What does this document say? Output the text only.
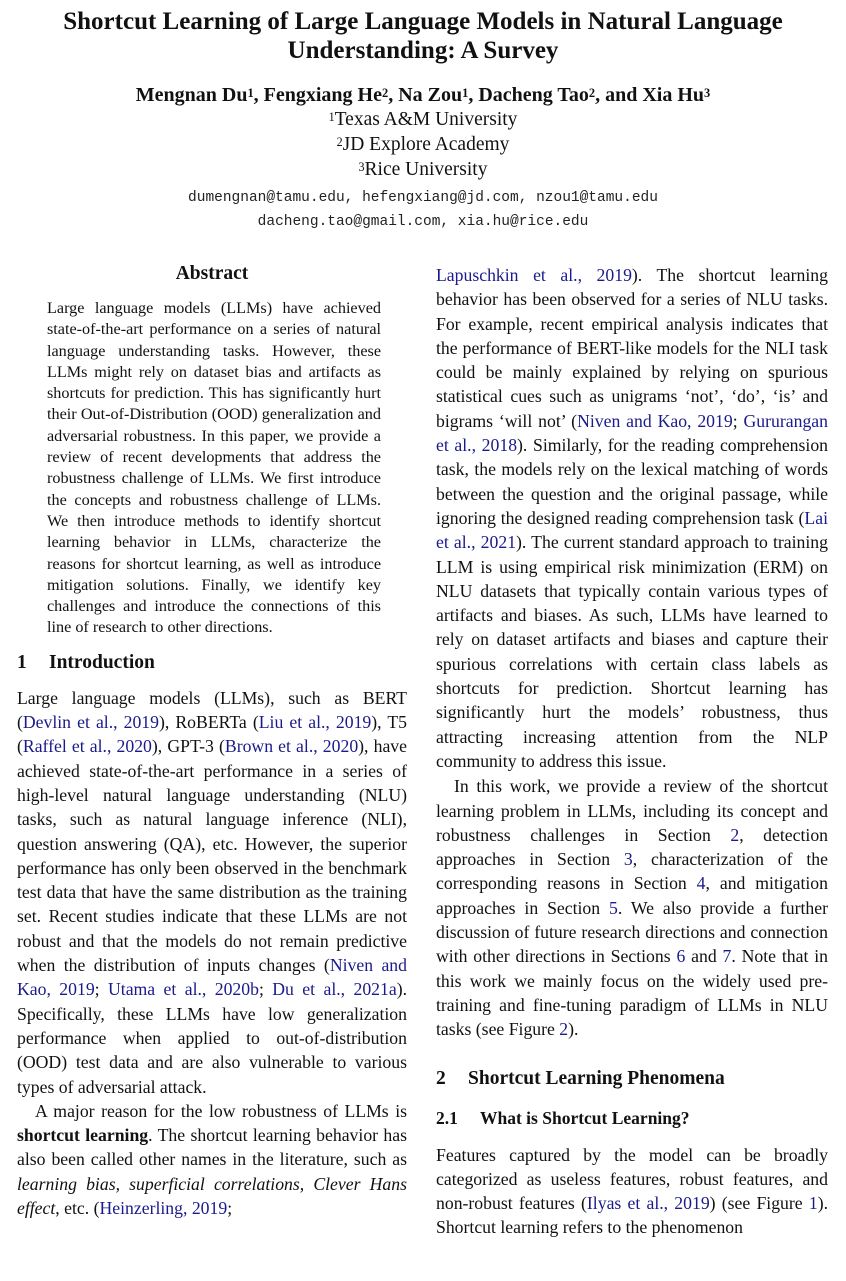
Shortcut Learning of Large Language Models in Natural Language
Understanding: A Survey
Mengnan Du$^1$, Fengxiang He$^2$, Na Zou$^1$, Dacheng Tao$^2$, and Xia Hu$^3$
$^1$Texas A&M University
$^2$JD Explore Academy
$^3$Rice University
dumengnan@tamu.edu, hefengxiang@jd.com, nzou1@tamu.edu
dacheng.tao@gmail.com, xia.hu@rice.edu
Abstract

Large language models (LLMs) have achieved state-of-the-art performance on a series of natural language understanding tasks. However, these LLMs might rely on dataset bias and artifacts as shortcuts for prediction. This has significantly hurt their Out-of-Distribution (OOD) generalization and adversarial robustness. In this paper, we provide a review of recent developments that address the robustness challenge of LLMs. We first introduce the concepts and robustness challenge of LLMs. We then introduce methods to identify shortcut learning behavior in LLMs, characterize the reasons for shortcut learning, as well as introduce mitigation solutions. Finally, we identify key challenges and introduce the connections of this line of research to other directions.

1 Introduction

Large language models (LLMs), such as BERT (Devlin et al., 2019), RoBERTa (Liu et al., 2019), T5 (Raffel et al., 2020), GPT-3 (Brown et al., 2020), have achieved state-of-the-art performance in a series of high-level natural language understanding (NLU) tasks, such as natural language inference (NLI), question answering (QA), etc. However, the superior performance has only been observed in the benchmark test data that have the same distribution as the training set. Recent studies indicate that these LLMs are not robust and that the models do not remain predictive when the distribution of inputs changes (Niven and Kao, 2019; Utama et al., 2020b; Du et al., 2021a). Specifically, these LLMs have low generalization performance when applied to out-of-distribution (OOD) test data and are also vulnerable to various types of adversarial attack.

A major reason for the low robustness of LLMs is shortcut learning. The shortcut learning behavior has also been called other names in the literature, such as learning bias, superficial correlations, Clever Hans effect, etc. (Heinzerling, 2019;

Lapuschkin et al., 2019). The shortcut learning behavior has been observed for a series of NLU tasks. For example, recent empirical analysis indicates that the performance of BERT-like models for the NLI task could be mainly explained by relying on spurious statistical cues such as unigrams ‘not’, ‘do’, ‘is’ and bigrams ‘will not’ (Niven and Kao, 2019; Gururangan et al., 2018). Similarly, for the reading comprehension task, the models rely on the lexical matching of words between the question and the original passage, while ignoring the designed reading comprehension task (Lai et al., 2021). The current standard approach to training LLM is using empirical risk minimization (ERM) on NLU datasets that typically contain various types of artifacts and biases. As such, LLMs have learned to rely on dataset artifacts and biases and capture their spurious correlations with certain class labels as shortcuts for prediction. Shortcut learning has significantly hurt the models’ robustness, thus attracting increasing attention from the NLP community to address this issue.

In this work, we provide a review of the shortcut learning problem in LLMs, including its concept and robustness challenges in Section 2, detection approaches in Section 3, characterization of the corresponding reasons in Section 4, and mitigation approaches in Section 5. We also provide a further discussion of future research directions and connection with other directions in Sections 6 and 7. Note that in this work we mainly focus on the widely used pre-training and fine-tuning paradigm of LLMs in NLU tasks (see Figure 2).

2 Shortcut Learning Phenomena
2.1 What is Shortcut Learning?

Features captured by the model can be broadly categorized as useless features, robust features, and non-robust features (Ilyas et al., 2019) (see Figure 1). Shortcut learning refers to the phenomenon
